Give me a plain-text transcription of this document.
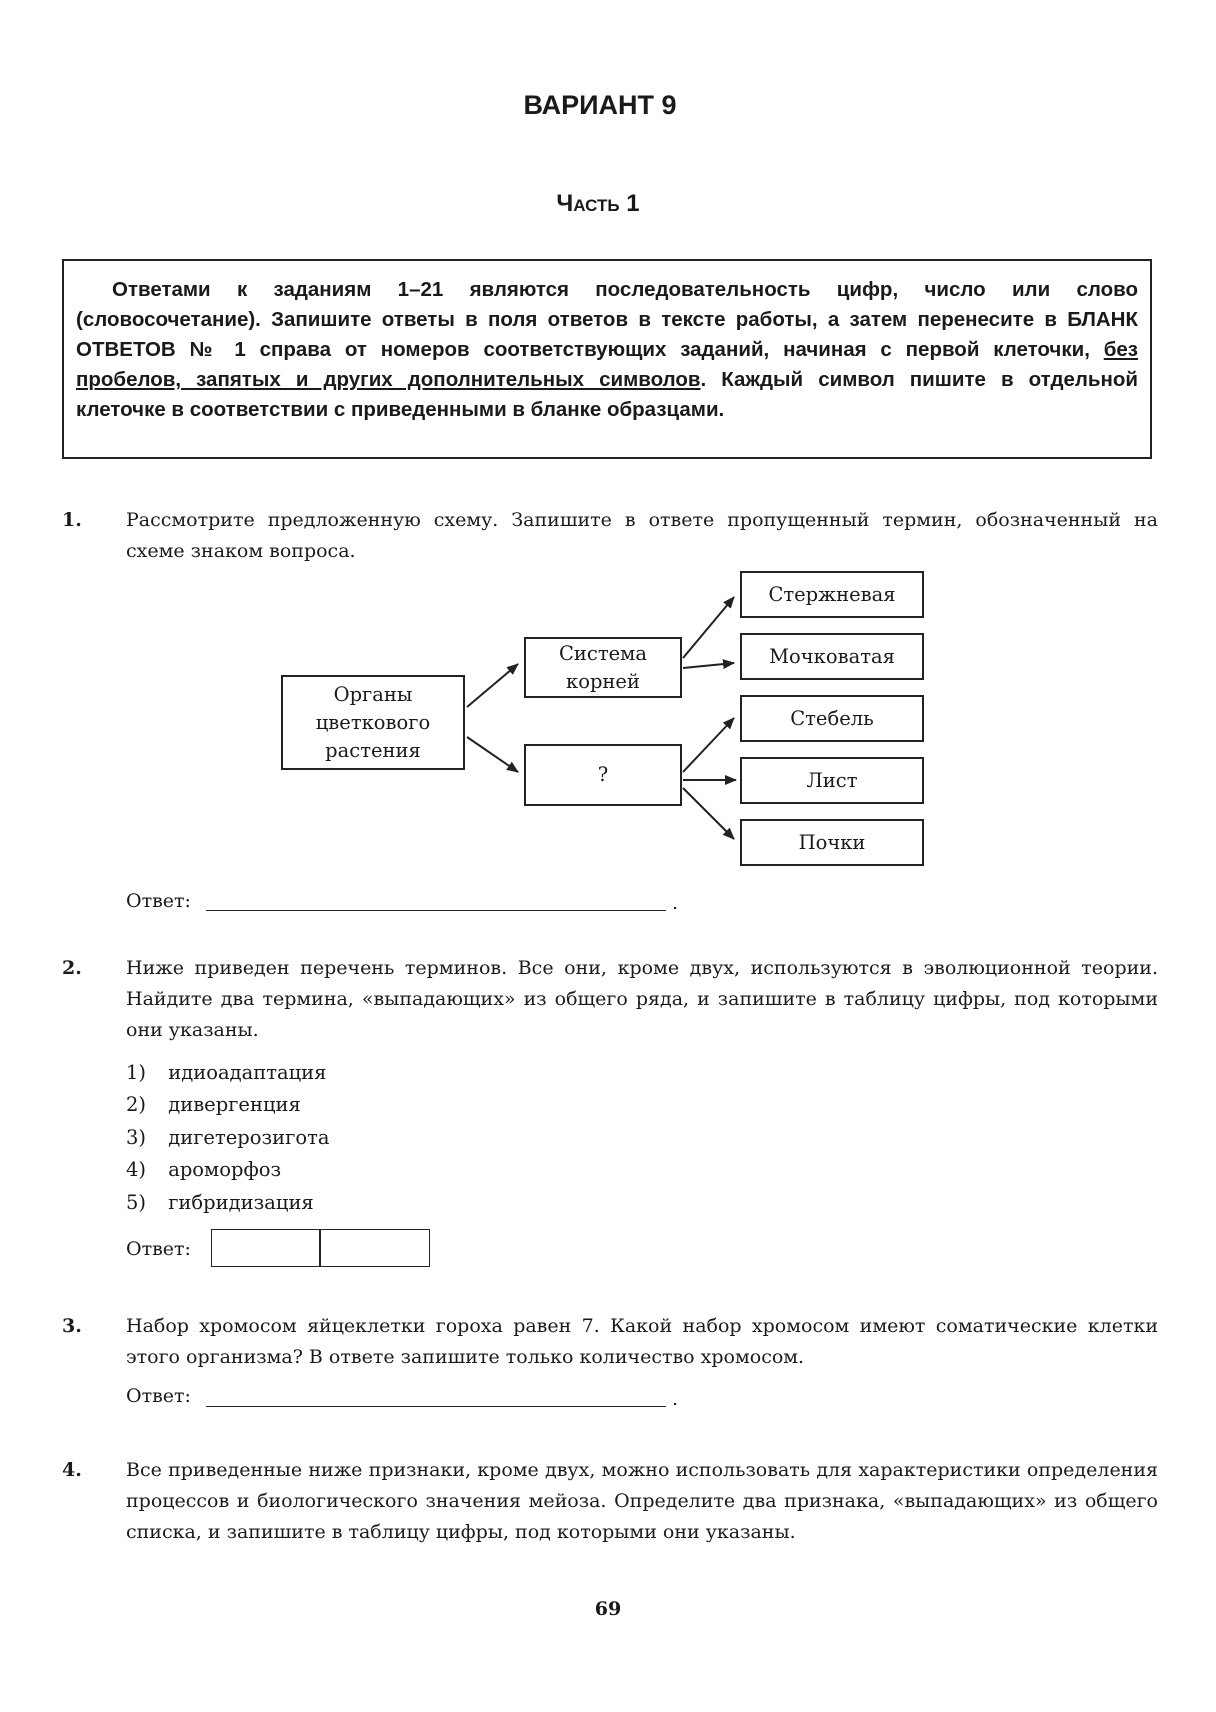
ВАРИАНТ 9
Часть 1
Ответами к заданиям 1–21 являются последовательность цифр, число или слово (словосочетание). Запишите ответы в поля ответов в тексте работы, а затем перенесите в БЛАНК ОТВЕТОВ № 1 справа от номеров соответствующих заданий, начиная с первой клеточки, без пробелов, запятых и других дополнительных символов. Каждый символ пишите в отдельной клеточке в соответствии с приведенными в бланке образцами.
1. Рассмотрите предложенную схему. Запишите в ответе пропущенный термин, обозначенный на схеме знаком вопроса.
Органы цветкового растения
Система корней
?
Стержневая
Мочковатая
Стебель
Лист
Почки
Ответ:	.
2. Ниже приведен перечень терминов. Все они, кроме двух, используются в эволюционной теории. Найдите два термина, «выпадающих» из общего ряда, и запишите в таблицу цифры, под которыми они указаны.
1) идиоадаптация
2) дивергенция
3) дигетерозигота
4) ароморфоз
5) гибридизация
Ответ:
3. Набор хромосом яйцеклетки гороха равен 7. Какой набор хромосом имеют соматические клетки этого организма? В ответе запишите только количество хромосом.
Ответ:	.
4. Все приведенные ниже признаки, кроме двух, можно использовать для характеристики определения процессов и биологического значения мейоза. Определите два признака, «выпадающих» из общего списка, и запишите в таблицу цифры, под которыми они указаны.
69
